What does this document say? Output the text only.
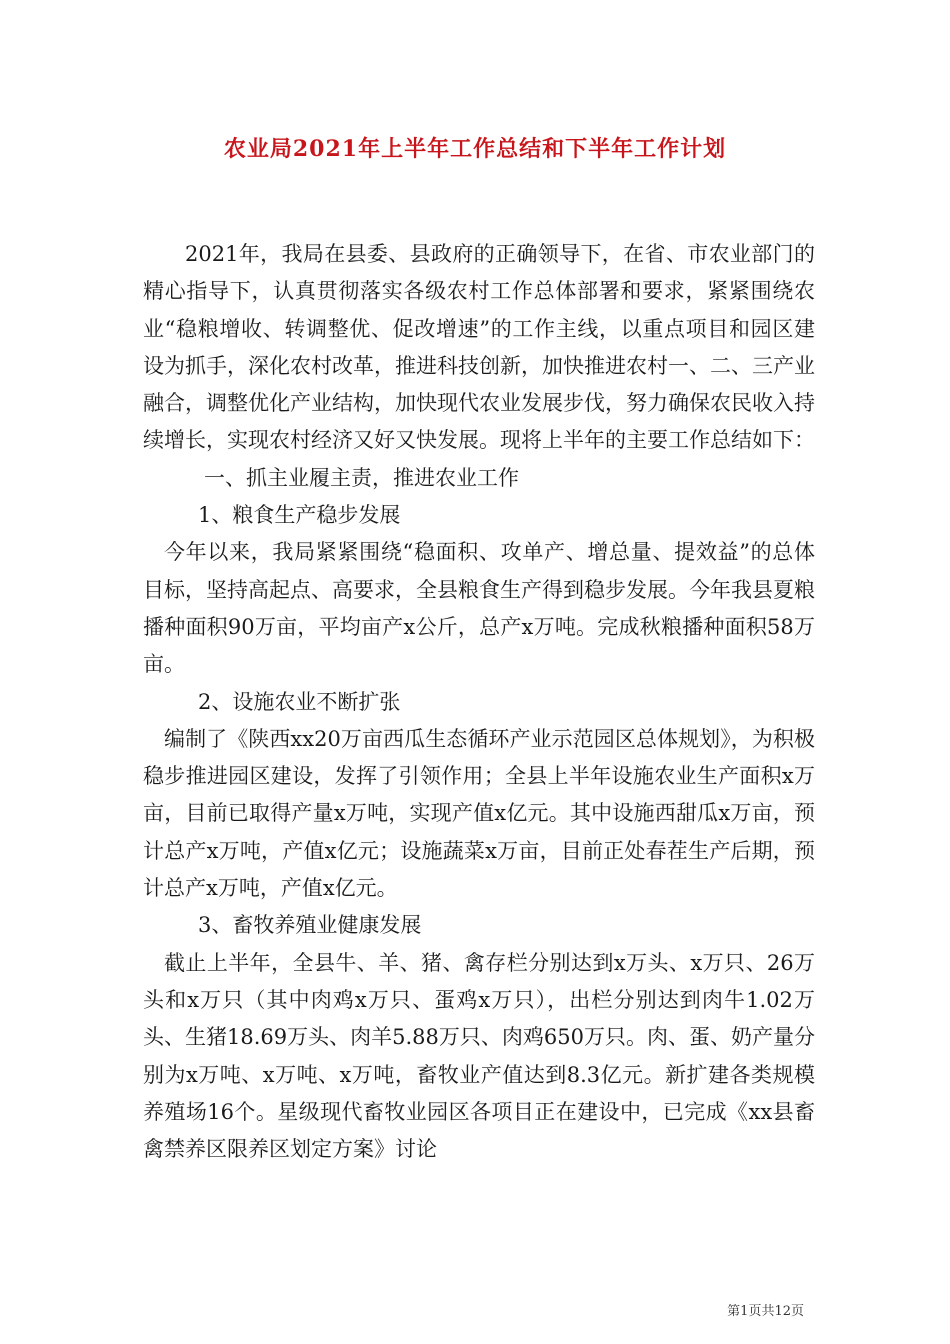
农业局2021年上半年工作总结和下半年工作计划

2021年，我局在县委、县政府的正确领导下，在省、市农业部门的精心指导下，认真贯彻落实各级农村工作总体部署和要求，紧紧围绕农业“稳粮增收、转调整优、促改增速”的工作主线，以重点项目和园区建设为抓手，深化农村改革，推进科技创新，加快推进农村一、二、三产业融合，调整优化产业结构，加快现代农业发展步伐，努力确保农民收入持续增长，实现农村经济又好又快发展。现将上半年的主要工作总结如下：

一、抓主业履主责，推进农业工作

1、粮食生产稳步发展

今年以来，我局紧紧围绕“稳面积、攻单产、增总量、提效益”的总体目标，坚持高起点、高要求，全县粮食生产得到稳步发展。今年我县夏粮播种面积90万亩，平均亩产x公斤，总产x万吨。完成秋粮播种面积58万亩。

2、设施农业不断扩张

编制了《陕西xx20万亩西瓜生态循环产业示范园区总体规划》，为积极稳步推进园区建设，发挥了引领作用；全县上半年设施农业生产面积x万亩，目前已取得产量x万吨，实现产值x亿元。其中设施西甜瓜x万亩，预计总产x万吨，产值x亿元；设施蔬菜x万亩，目前正处春茬生产后期，预计总产x万吨，产值x亿元。

3、畜牧养殖业健康发展

截止上半年，全县牛、羊、猪、禽存栏分别达到x万头、x万只、26万头和x万只（其中肉鸡x万只、蛋鸡x万只），出栏分别达到肉牛1.02万头、生猪18.69万头、肉羊5.88万只、肉鸡650万只。肉、蛋、奶产量分别为x万吨、x万吨、x万吨，畜牧业产值达到8.3亿元。新扩建各类规模养殖场16个。星级现代畜牧业园区各项目正在建设中，已完成《xx县畜禽禁养区限养区划定方案》讨论

第1页共12页
